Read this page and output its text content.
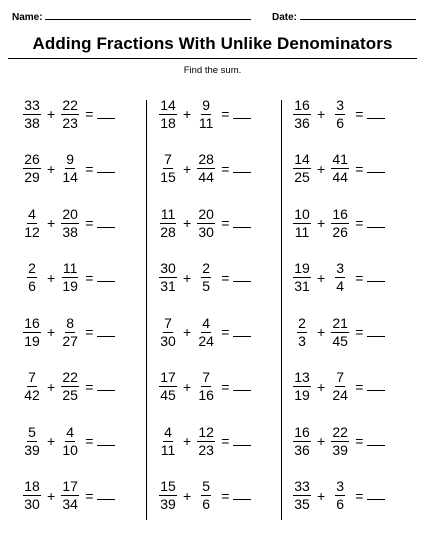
Name:	Date:
Adding Fractions With Unlike Denominators
Find the sum.
$\frac{33}{38} + \frac{22}{23}$ =
$\frac{26}{29} + \frac{9}{14}$ =
$\frac{4}{12} + \frac{20}{38}$ =
$\frac{2}{6} + \frac{11}{19}$ =
$\frac{16}{19} + \frac{8}{27}$ =
$\frac{7}{42} + \frac{22}{25}$ =
$\frac{5}{39} + \frac{4}{10}$ =
$\frac{18}{30} + \frac{17}{34}$ =
$\frac{14}{18} + \frac{9}{11}$ =
$\frac{7}{15} + \frac{28}{44}$ =
$\frac{11}{28} + \frac{20}{30}$ =
$\frac{30}{31} + \frac{2}{5}$ =
$\frac{7}{30} + \frac{4}{24}$ =
$\frac{17}{45} + \frac{7}{16}$ =
$\frac{4}{11} + \frac{12}{23}$ =
$\frac{15}{39} + \frac{5}{6}$ =
$\frac{16}{36} + \frac{3}{6}$ =
$\frac{14}{25} + \frac{41}{44}$ =
$\frac{10}{11} + \frac{16}{26}$ =
$\frac{19}{31} + \frac{3}{4}$ =
$\frac{2}{3} + \frac{21}{45}$ =
$\frac{13}{19} + \frac{7}{24}$ =
$\frac{16}{36} + \frac{22}{39}$ =
$\frac{33}{35} + \frac{3}{6}$ =
